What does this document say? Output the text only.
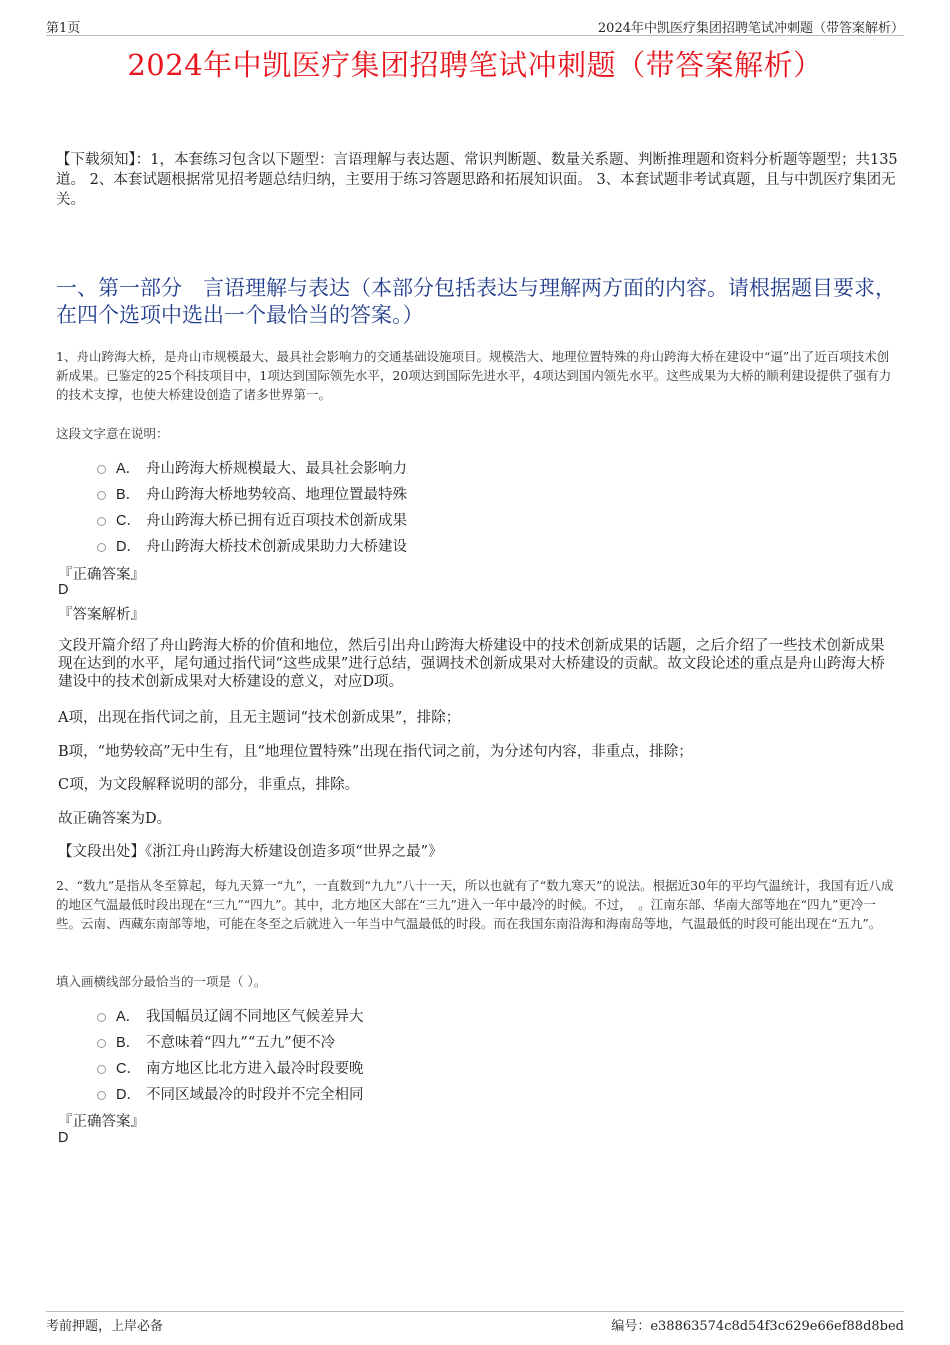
第1页	2024年中凯医疗集团招聘笔试冲刺题（带答案解析）
2024年中凯医疗集团招聘笔试冲刺题（带答案解析）
【下载须知】：1，本套练习包含以下题型：言语理解与表达题、常识判断题、数量关系题、判断推理题和资料分析题等题型；共135道。 2、本套试题根据常见招考题总结归纳，主要用于练习答题思路和拓展知识面。 3、本套试题非考试真题，且与中凯医疗集团无关。
一、第一部分　言语理解与表达（本部分包括表达与理解两方面的内容。请根据题目要求，在四个选项中选出一个最恰当的答案。）
1、舟山跨海大桥，是舟山市规模最大、最具社会影响力的交通基础设施项目。规模浩大、地理位置特殊的舟山跨海大桥在建设中“逼”出了近百项技术创新成果。已鉴定的25个科技项目中，1项达到国际领先水平，20项达到国际先进水平，4项达到国内领先水平。这些成果为大桥的顺利建设提供了强有力的技术支撑，也使大桥建设创造了诸多世界第一。
这段文字意在说明：
A． 舟山跨海大桥规模最大、最具社会影响力
B． 舟山跨海大桥地势较高、地理位置最特殊
C． 舟山跨海大桥已拥有近百项技术创新成果
D． 舟山跨海大桥技术创新成果助力大桥建设
『正确答案』
D
『答案解析』
文段开篇介绍了舟山跨海大桥的价值和地位，然后引出舟山跨海大桥建设中的技术创新成果的话题，之后介绍了一些技术创新成果现在达到的水平，尾句通过指代词“这些成果”进行总结，强调技术创新成果对大桥建设的贡献。故文段论述的重点是舟山跨海大桥建设中的技术创新成果对大桥建设的意义，对应D项。
A项，出现在指代词之前，且无主题词“技术创新成果”，排除；
B项，“地势较高”无中生有，且“地理位置特殊”出现在指代词之前，为分述句内容，非重点，排除；
C项，为文段解释说明的部分，非重点，排除。
故正确答案为D。
【文段出处】《浙江舟山跨海大桥建设创造多项“世界之最”》
2、“数九”是指从冬至算起，每九天算一“九”，一直数到“九九”八十一天，所以也就有了“数九寒天”的说法。根据近30年的平均气温统计，我国有近八成的地区气温最低时段出现在“三九”“四九”。其中，北方地区大部在“三九”进入一年中最冷的时候。不过，　。江南东部、华南大部等地在“四九”更冷一些。云南、西藏东南部等地，可能在冬至之后就进入一年当中气温最低的时段。而在我国东南沿海和海南岛等地，气温最低的时段可能出现在“五九”。
填入画横线部分最恰当的一项是（ ）。
A． 我国幅员辽阔不同地区气候差异大
B． 不意味着“四九”“五九”便不冷
C． 南方地区比北方进入最冷时段要晚
D． 不同区域最冷的时段并不完全相同
『正确答案』
D
考前押题，上岸必备	编号：e38863574c8d54f3c629e66ef88d8bed
